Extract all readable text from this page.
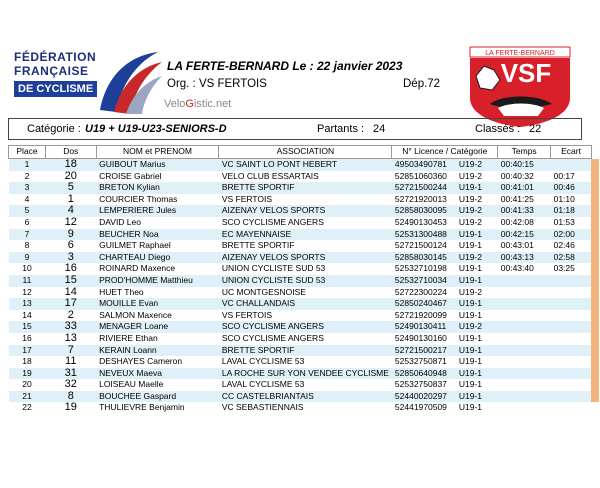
FÉDÉRATION
FRANÇAISE
DE CYCLISME
LA FERTE-BERNARD Le : 22 janvier 2023
Org. : VS FERTOIS	Dép.72
VeloGistic.net
LA FERTE-BERNARD
VSF
Catégorie : U19 + U19-U23-SENIORS-D	Partants : 24	Classés : 22
Place	Dos	NOM et PRENOM	ASSOCIATION	N° Licence / Catégorie		Temps	Ecart	
1	18	GUIBOUT Marius	VC SAINT LO PONT HEBERT	49503490781	U19-2	00:40:15		

2	20	CROISE Gabriel	VELO CLUB ESSARTAIS	52851060360	U19-2	00:40:32	00:17	

3	5	BRETON Kylian	BRETTE SPORTIF	52721500244	U19-1	00:41:01	00:46	

4	1	COURCIER Thomas	VS FERTOIS	52721920013	U19-2	00:41:25	01:10	

5	4	LEMPERIERE Jules	AIZENAY VELOS SPORTS	52858030095	U19-2	00:41:33	01:18	

6	12	DAVID Leo	SCO CYCLISME ANGERS	52490130453	U19-2	00:42:08	01:53	

7	9	BEUCHER Noa	EC MAYENNAISE	52531300488	U19-1	00:42:15	02:00	

8	6	GUILMET Raphael	BRETTE SPORTIF	52721500124	U19-1	00:43:01	02:46	

9	3	CHARTEAU Diego	AIZENAY VELOS SPORTS	52858030145	U19-2	00:43:13	02:58	

10	16	ROINARD Maxence	UNION CYCLISTE SUD 53	52532710198	U19-1	00:43:40	03:25	

11	15	PROD'HOMME Matthieu	UNION CYCLISTE SUD 53	52532710034	U19-1			

12	14	HUET Theo	UC MONTGESNOISE	52722300224	U19-2			

13	17	MOUILLE Evan	VC CHALLANDAIS	52850240467	U19-1			

14	2	SALMON Maxence	VS FERTOIS	52721920099	U19-1			

15	33	MENAGER Loane	SCO CYCLISME ANGERS	52490130411	U19-2			

16	13	RIVIERE Ethan	SCO CYCLISME ANGERS	52490130160	U19-1			

17	7	KERAIN Loann	BRETTE SPORTIF	52721500217	U19-1			

18	11	DESHAYES Cameron	LAVAL CYCLISME 53	52532750871	U19-1			

19	31	NEVEUX Maeva	LA ROCHE SUR YON VENDEE CYCLISME	52850640948	U19-1			

20	32	LOISEAU Maelle	LAVAL CYCLISME 53	52532750837	U19-1			

21	8	BOUCHEE Gaspard	CC CASTELBRIANTAIS	52440020297	U19-1			

22	19	THULIEVRE Benjamin	VC SEBASTIENNAIS	52441970509	U19-1			
